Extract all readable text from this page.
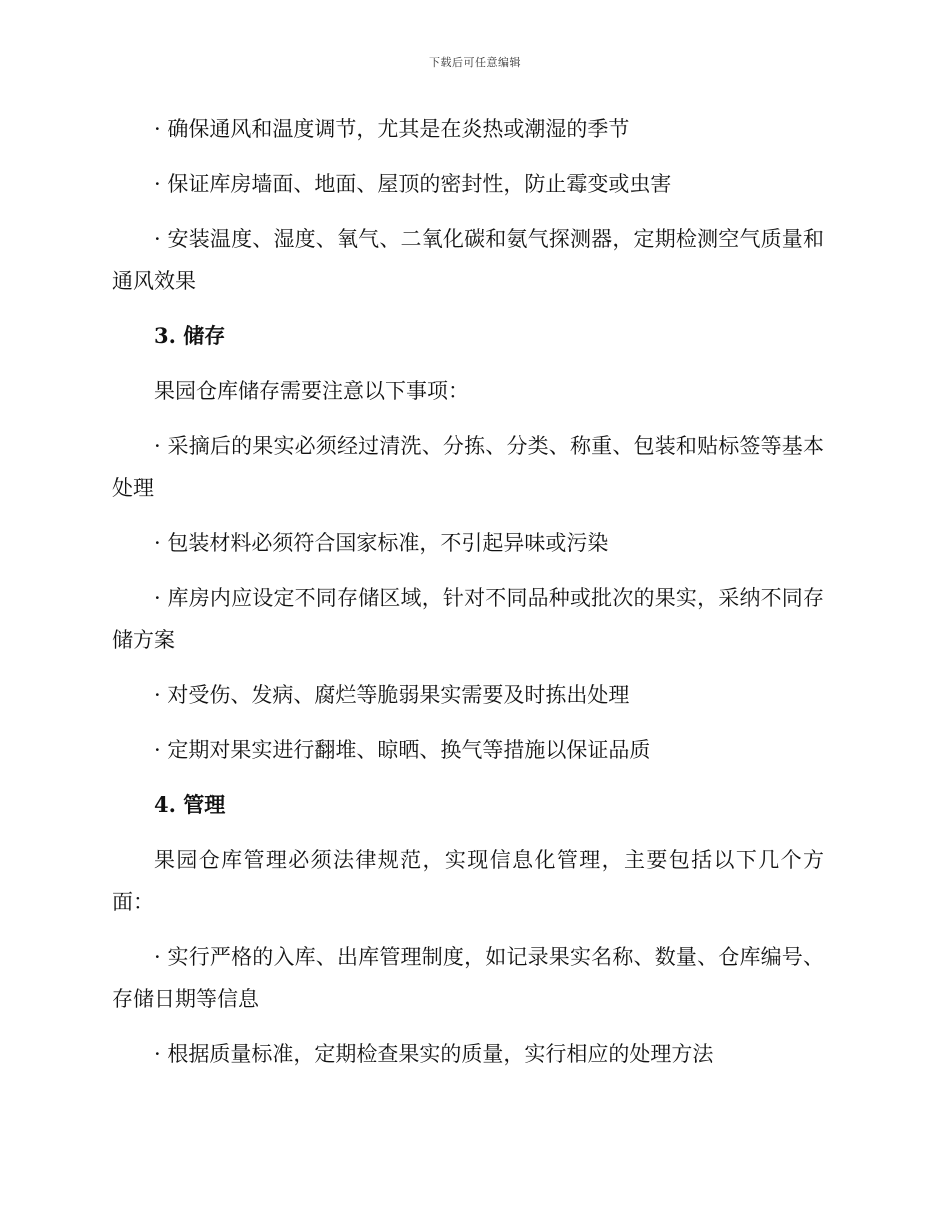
下载后可任意编辑

· 确保通风和温度调节，尤其是在炎热或潮湿的季节

· 保证库房墙面、地面、屋顶的密封性，防止霉变或虫害

· 安装温度、湿度、氧气、二氧化碳和氨气探测器，定期检测空气质量和通风效果

3. 储存

果园仓库储存需要注意以下事项：

· 采摘后的果实必须经过清洗、分拣、分类、称重、包装和贴标签等基本处理

· 包装材料必须符合国家标准，不引起异味或污染

· 库房内应设定不同存储区域，针对不同品种或批次的果实，采纳不同存储方案

· 对受伤、发病、腐烂等脆弱果实需要及时拣出处理

· 定期对果实进行翻堆、晾晒、换气等措施以保证品质

4. 管理

果园仓库管理必须法律规范，实现信息化管理，主要包括以下几个方面：

· 实行严格的入库、出库管理制度，如记录果实名称、数量、仓库编号、存储日期等信息

· 根据质量标准，定期检查果实的质量，实行相应的处理方法
